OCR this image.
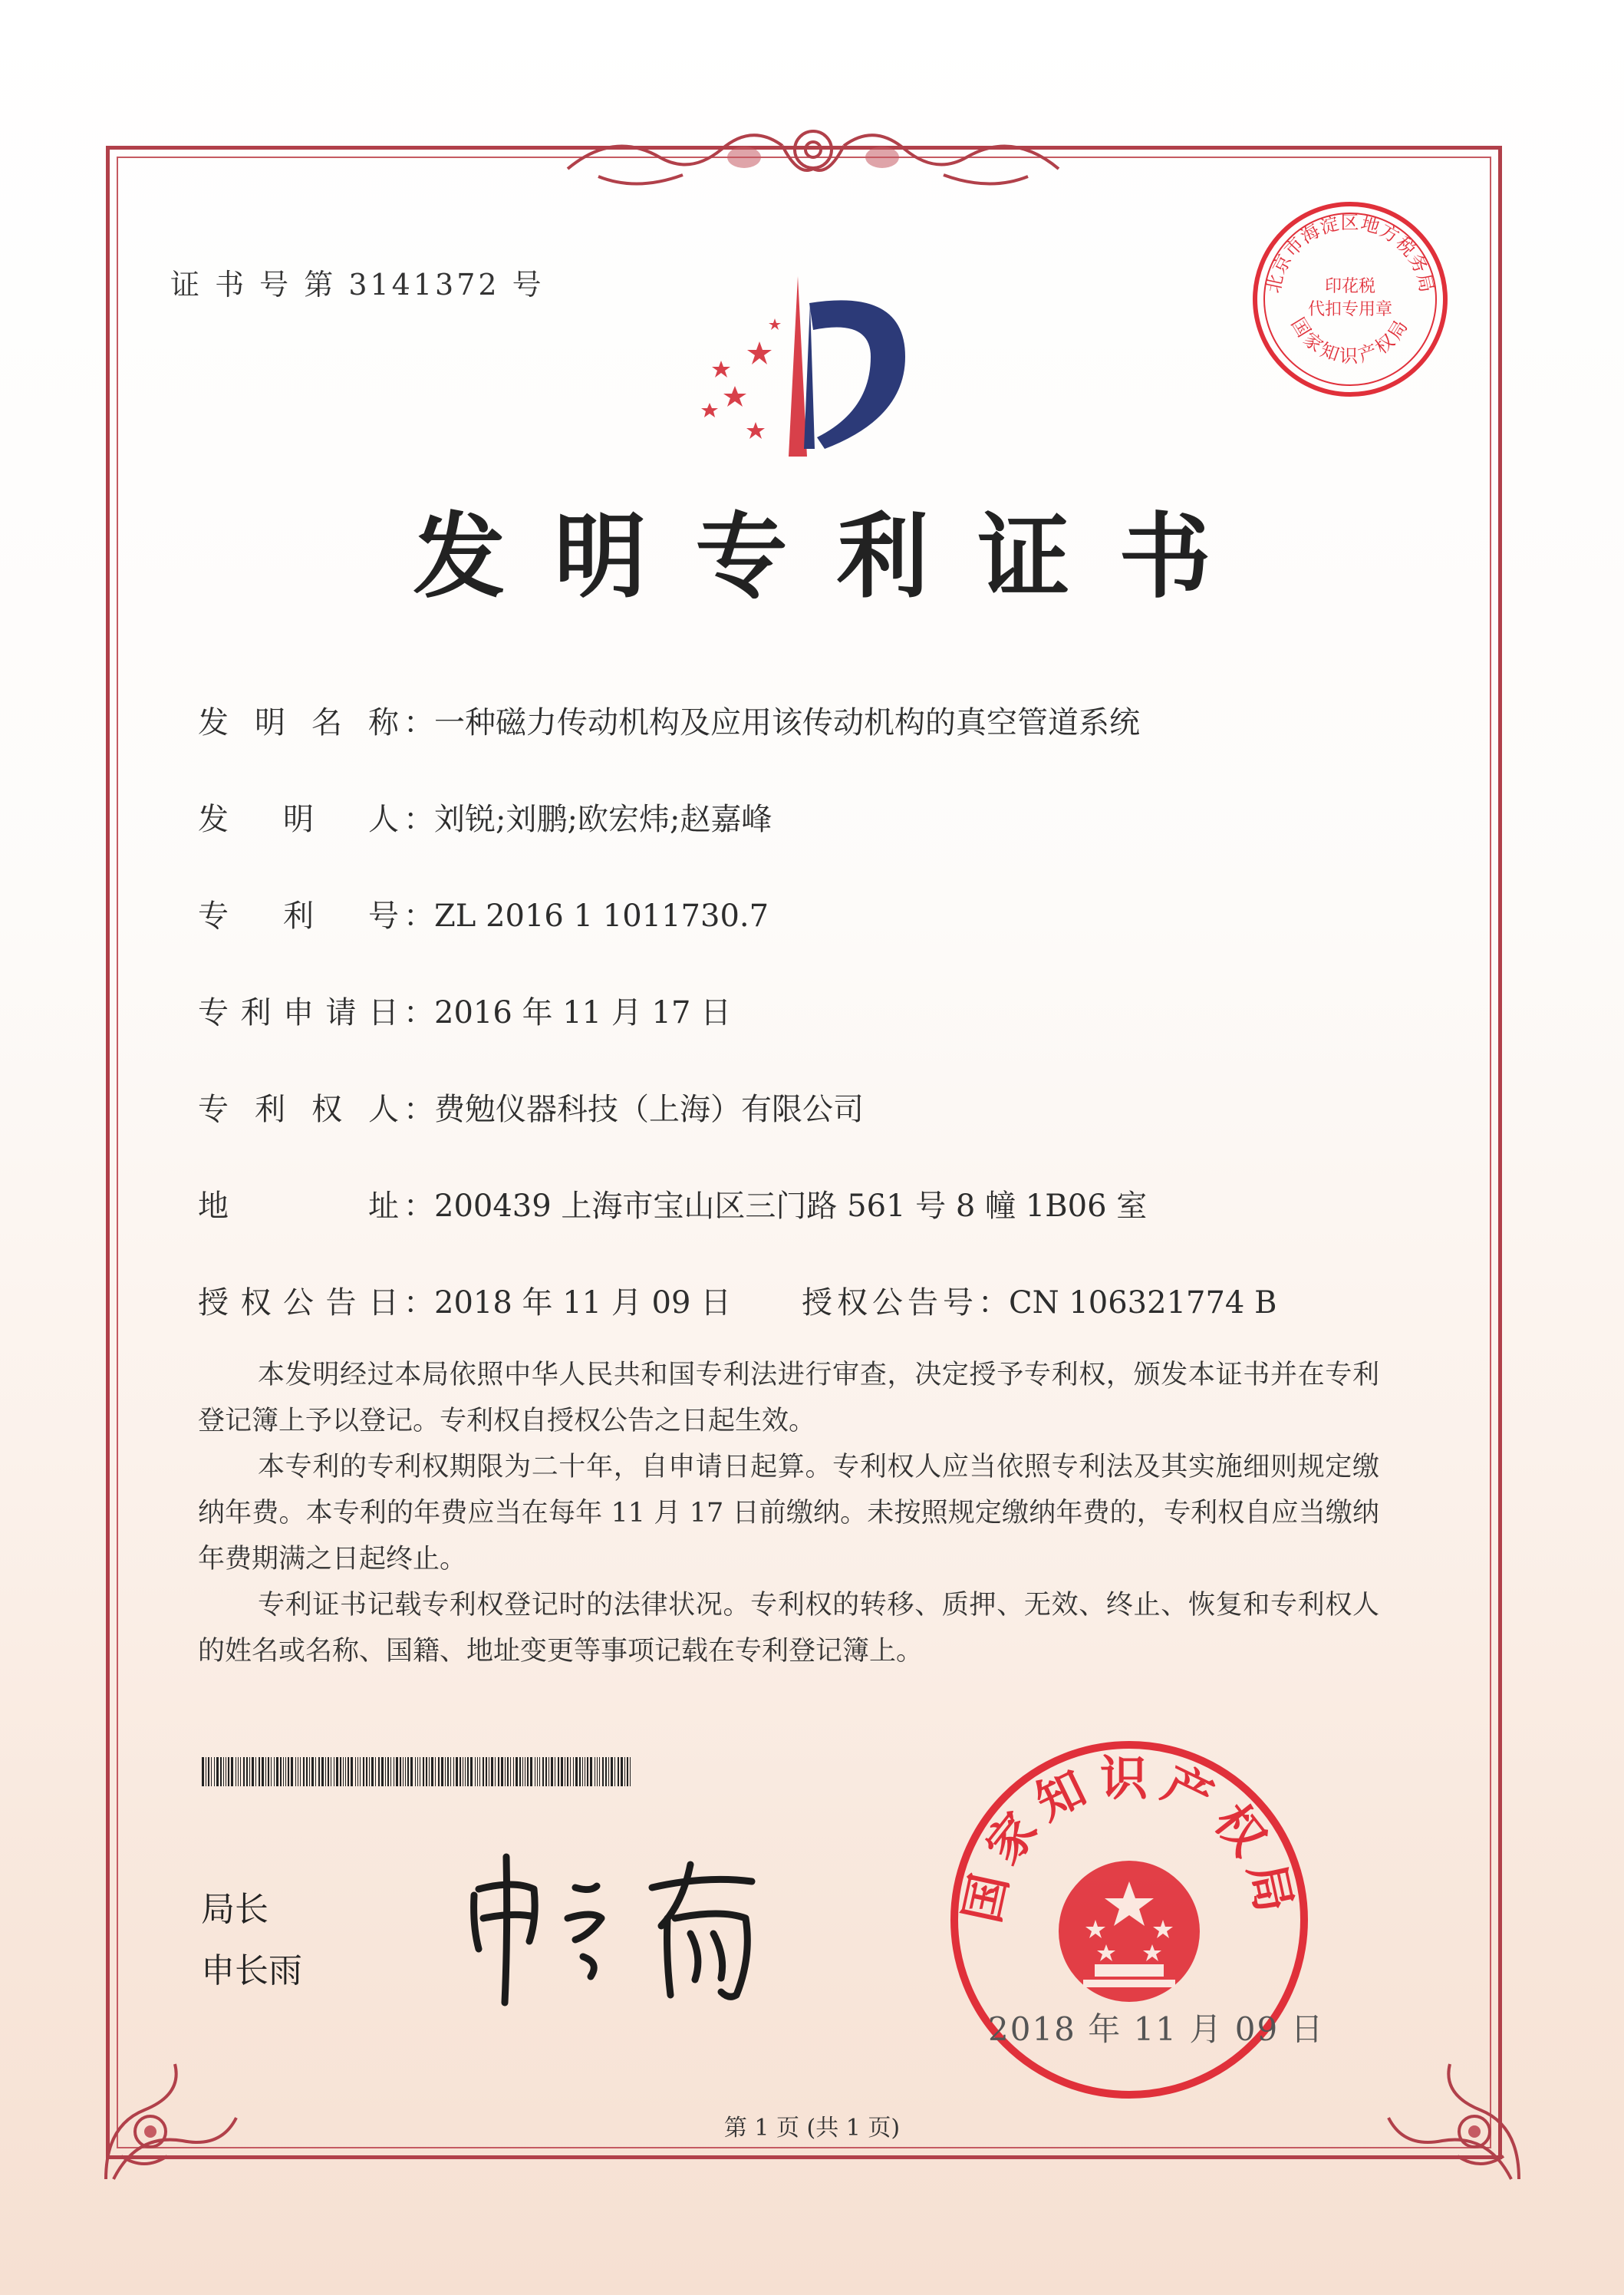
证 书 号 第 3141372 号	北京市海淀区地方税务局
印花税
代扣专用章
国家知识产权局
发明专利证书
发明名称 ：一种磁力传动机构及应用该传动机构的真空管道系统
发明人 ：刘锐;刘鹏;欧宏炜;赵嘉峰
专利号 ：ZL 2016 1 1011730.7
专利申请日 ：2016 年 11 月 17 日
专利权人 ：费勉仪器科技（上海）有限公司
地址 ：200439 上海市宝山区三门路 561 号 8 幢 1B06 室
授权公告日 ：2018 年 11 月 09 日 授权公告号：CN 106321774 B

本发明经过本局依照中华人民共和国专利法进行审查，决定授予专利权，颁发本证书并在专利登记簿上予以登记。专利权自授权公告之日起生效。

本专利的专利权期限为二十年，自申请日起算。专利权人应当依照专利法及其实施细则规定缴纳年费。本专利的年费应当在每年 11 月 17 日前缴纳。未按照规定缴纳年费的，专利权自应当缴纳年费期满之日起终止。

专利证书记载专利权登记时的法律状况。专利权的转移、质押、无效、终止、恢复和专利权人的姓名或名称、国籍、地址变更等事项记载在专利登记簿上。

局长
申长雨
国家知识产权局
2018 年 11 月 09 日
第 1 页 (共 1 页)
